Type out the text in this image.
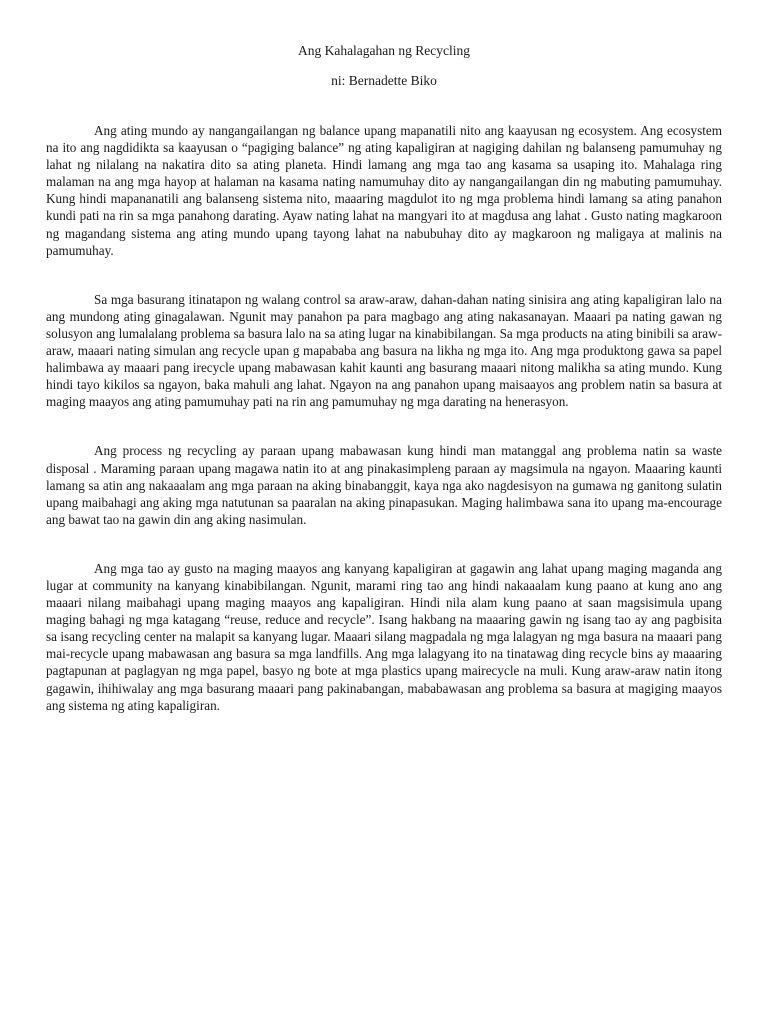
Ang Kahalagahan ng Recycling
ni: Bernadette Biko

Ang ating mundo ay nangangailangan ng balance upang mapanatili nito ang kaayusan ng ecosystem. Ang ecosystem na ito ang nagdidikta sa kaayusan o “pagiging balance” ng ating kapaligiran at nagiging dahilan ng balanseng pamumuhay ng lahat ng nilalang na nakatira dito sa ating planeta. Hindi lamang ang mga tao ang kasama sa usaping ito. Mahalaga ring malaman na ang mga hayop at halaman na kasama nating namumuhay dito ay nangangailangan din ng mabuting pamumuhay. Kung hindi mapananatili ang balanseng sistema nito, maaaring magdulot ito ng mga problema hindi lamang sa ating panahon kundi pati na rin sa mga panahong darating. Ayaw nating lahat na mangyari ito at magdusa ang lahat . Gusto nating magkaroon ng magandang sistema ang ating mundo upang tayong lahat na nabubuhay dito ay magkaroon ng maligaya at malinis na pamumuhay.

Sa mga basurang itinatapon ng walang control sa araw-araw, dahan-dahan nating sinisira ang ating kapaligiran lalo na ang mundong ating ginagalawan. Ngunit may panahon pa para magbago ang ating nakasanayan. Maaari pa nating gawan ng solusyon ang lumalalang problema sa basura lalo na sa ating lugar na kinabibilangan. Sa mga products na ating binibili sa araw-araw, maaari nating simulan ang recycle upan g mapababa ang basura na likha ng mga ito. Ang mga produktong gawa sa papel halimbawa ay maaari pang irecycle upang mabawasan kahit kaunti ang basurang maaari nitong malikha sa ating mundo. Kung hindi tayo kikilos sa ngayon, baka mahuli ang lahat. Ngayon na ang panahon upang maisaayos ang problem natin sa basura at maging maayos ang ating pamumuhay pati na rin ang pamumuhay ng mga darating na henerasyon.

Ang process ng recycling ay paraan upang mabawasan kung hindi man matanggal ang problema natin sa waste disposal . Maraming paraan upang magawa natin ito at ang pinakasimpleng paraan ay magsimula na ngayon. Maaaring kaunti lamang sa atin ang nakaaalam ang mga paraan na aking binabanggit, kaya nga ako nagdesisyon na gumawa ng ganitong sulatin upang maibahagi ang aking mga natutunan sa paaralan na aking pinapasukan. Maging halimbawa sana ito upang ma-encourage ang bawat tao na gawin din ang aking nasimulan.

Ang mga tao ay gusto na maging maayos ang kanyang kapaligiran at gagawin ang lahat upang maging maganda ang lugar at community na kanyang kinabibilangan. Ngunit, marami ring tao ang hindi nakaaalam kung paano at kung ano ang maaari nilang maibahagi upang maging maayos ang kapaligiran. Hindi nila alam kung paano at saan magsisimula upang maging bahagi ng mga katagang “reuse, reduce and recycle”. Isang hakbang na maaaring gawin ng isang tao ay ang pagbisita sa isang recycling center na malapit sa kanyang lugar. Maaari silang magpadala ng mga lalagyan ng mga basura na maaari pang mai-recycle upang mabawasan ang basura sa mga landfills. Ang mga lalagyang ito na tinatawag ding recycle bins ay maaaring pagtapunan at paglagyan ng mga papel, basyo ng bote at mga plastics upang mairecycle na muli. Kung araw-araw natin itong gagawin, ihihiwalay ang mga basurang maaari pang pakinabangan, mababawasan ang problema sa basura at magiging maayos ang sistema ng ating kapaligiran.
